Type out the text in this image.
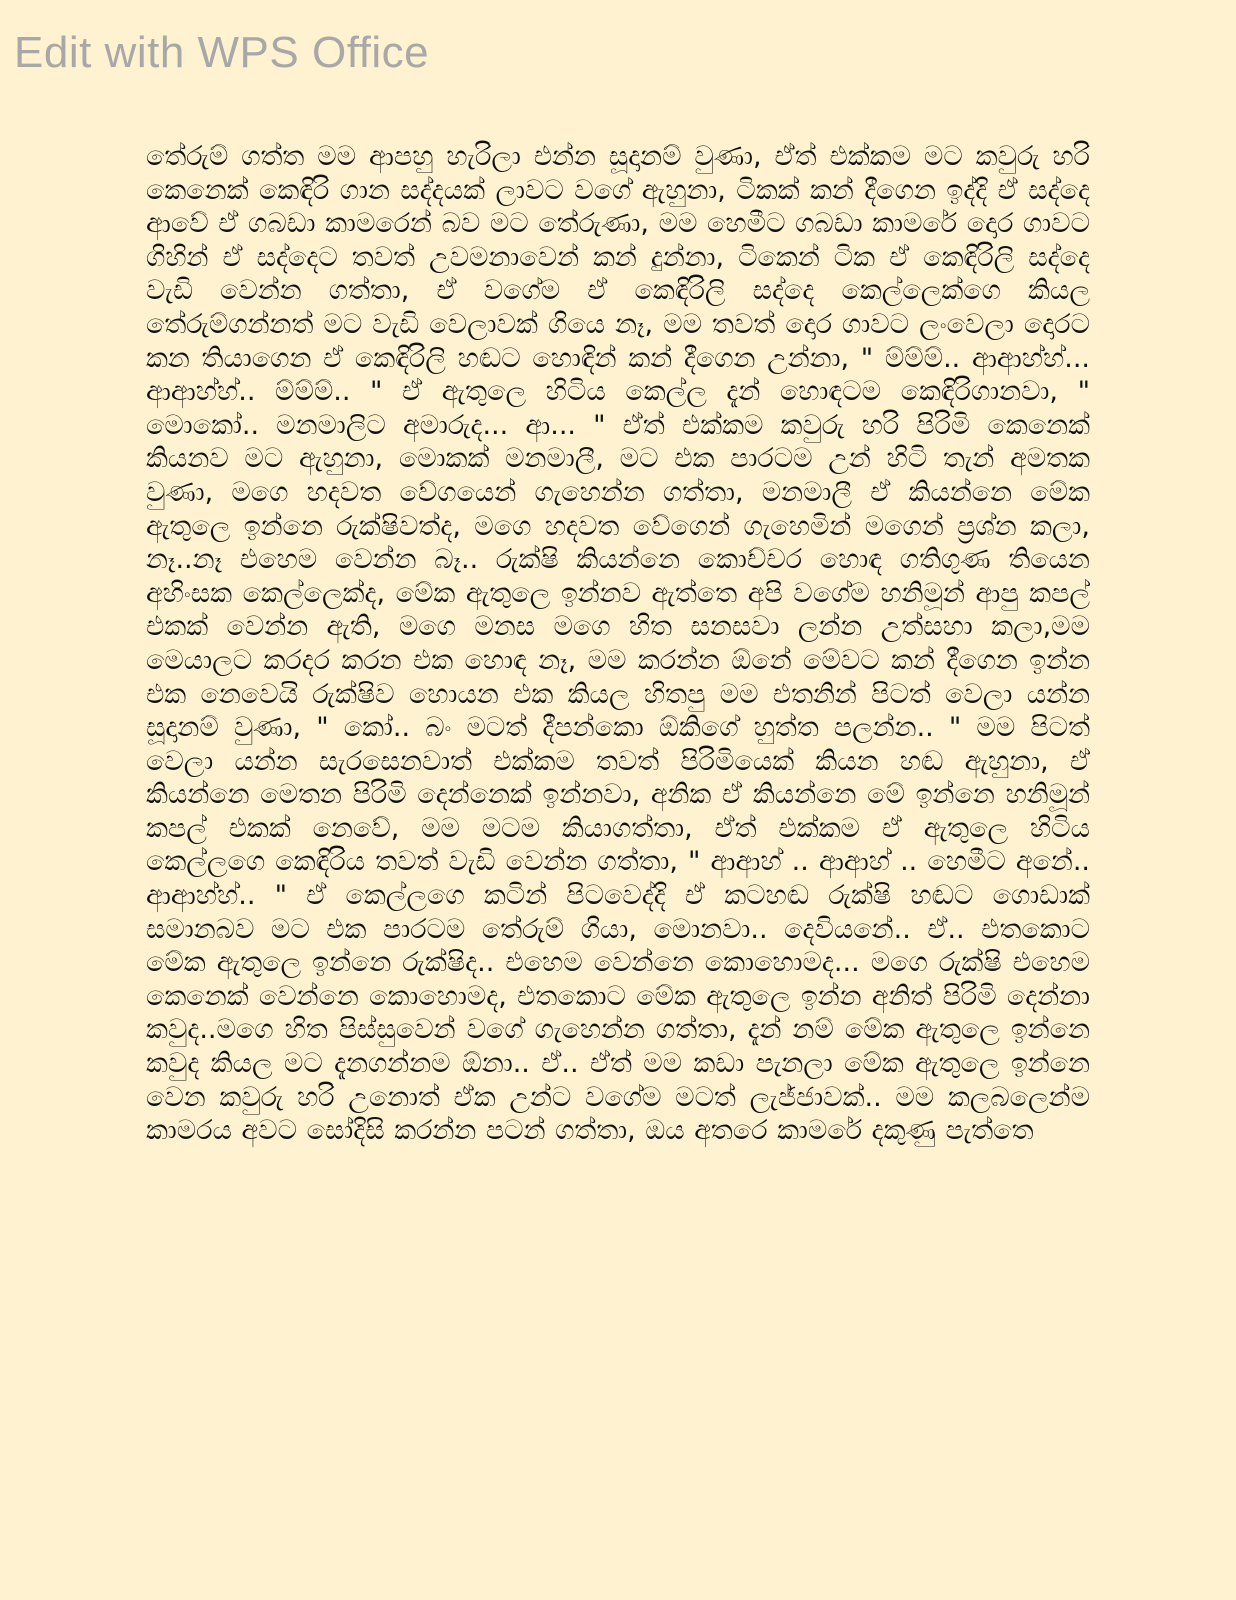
Edit with WPS Office

තේරුම් ගත්ත මම ආපහු හැරිලා එන්න සූදානම් වුණා, ඒත් එක්කම මට කවුරු හරි කෙනෙක් කෙඳිරි ගාන සද්දයක් ලාවට වගේ ඇහුනා, ටිකක් කන් දීගෙන ඉද්දි ඒ සද්දෙ ආවේ ඒ ගබඩා කාමරෙන් බව මට තේරුණා, මම හෙමීට ගබඩා කාමරේ දොර ගාවට ගිහින් ඒ සද්දෙට තවත් උවමනාවෙන් කන් දුන්නා, ටිකෙන් ටික ඒ කෙඳිරිලි සද්දෙ වැඩි වෙන්න ගත්තා, ඒ වගේම ඒ කෙඳිරිලි සද්දෙ කෙල්ලෙක්ගෙ කියල තේරුම්ගන්නත් මට වැඩි වෙලාවක් ගියෙ නෑ, මම තවත් දොර ගාවට ලංවෙලා දොරට කන තියාගෙන ඒ කෙඳිරිලි හඬට හොඳින් කන් දීගෙන උන්නා, " ම්ම්ම්.. ආආහ්හ්... ආආහ්හ්.. ම්ම්ම්.. " ඒ ඇතුලෙ හිටිය කෙල්ල දැන් හොඳටම කෙඳිරිගානවා, " මොකෝ.. මනමාලිට අමාරුද... ආ... " ඒත් එක්කම කවුරු හරි පිරිමි කෙනෙක් කියනව මට ඇහුනා, මොකක් මනමාලී, මට එක පාරටම උන් හිටි තැන් අමතක වුණා, මගෙ හදවත වේගයෙන් ගැහෙන්න ගත්තා, මනමාලී ඒ කියන්නෙ මේක ඇතුලෙ ඉන්නෙ රුක්ෂිවත්ද, මගෙ හදවත වේගෙන් ගැහෙමින් මගෙන් ප්‍රශ්න කලා, නෑ..නෑ එහෙම වෙන්න බෑ.. රුක්ෂි කියන්නෙ කොච්චර හොඳ ගතිගුණ තියෙන අහිංසක කෙල්ලෙක්ද, මේක ඇතුලෙ ඉන්නව ඇත්තෙ අපි වගේම හනිමූන් ආපු කපල් එකක් වෙන්න ඇති, මගෙ මනස මගෙ හිත සනසවා ලන්න උත්සහා කලා,මම මෙයාලට කරදර කරන එක හොඳ නෑ, මම කරන්න ඕනේ මේවට කන් දීගෙන ඉන්න එක නෙවෙයි රුක්ෂිව හොයන එක කියල හිතපු මම එතනින් පිටත් වෙලා යන්න සූදානම් වුණා, " කෝ.. බං මටත් දීපන්කො ඕකිගේ හුත්ත පලන්න.. " මම පිටත් වෙලා යන්න සැරසෙනවාත් එක්කම තවත් පිරිමියෙක් කියන හඬ ඇහුනා, ඒ කියන්නෙ මෙතන පිරිමි දෙන්නෙක් ඉන්නවා, අනික ඒ කියන්නෙ මේ ඉන්නෙ හනිමූන් කපල් එකක් නෙවේ, මම මටම කියාගත්තා, ඒත් එක්කම ඒ ඇතුලෙ හිටිය කෙල්ලගෙ කෙඳිරිය තවත් වැඩි වෙන්න ගත්තා, " ආආහ් .. ආආහ් .. හෙමීට අනේ.. ආආහ්හ්.. " ඒ කෙල්ලගෙ කටින් පිටවෙද්දි ඒ කටහඬ රුක්ෂි හඬට ගොඩාක් සමානබව මට එක පාරටම තේරුම් ගියා, මොනවා.. දෙවියනේ.. ඒ.. එතකොට මේක ඇතුලෙ ඉන්නෙ රුක්ෂිද.. එහෙම වෙන්නෙ කොහොමද... මගෙ රුක්ෂි එහෙම කෙනෙක් වෙන්නෙ කොහොමද, එතකොට මේක ඇතුලෙ ඉන්න අනිත් පිරිමි දෙන්නා කවුද..මගෙ හිත පිස්සුවෙන් වගේ ගැහෙන්න ගත්තා, දැන් නම් මේක ඇතුලෙ ඉන්නෙ කවුද කියල මට දැනගන්නම ඕනා.. ඒ.. ඒත් මම කඩා පැනලා මේක ඇතුලෙ ඉන්නෙ වෙන කවුරු හරි උනොත් ඒක උන්ට වගේම මටත් ලැජ්ජාවක්.. මම කලබලෙන්ම කාමරය අවට සෝදිසි කරන්න පටන් ගත්තා, ඔය අතරෙ කාමරේ දකුණු පැත්තෙ
